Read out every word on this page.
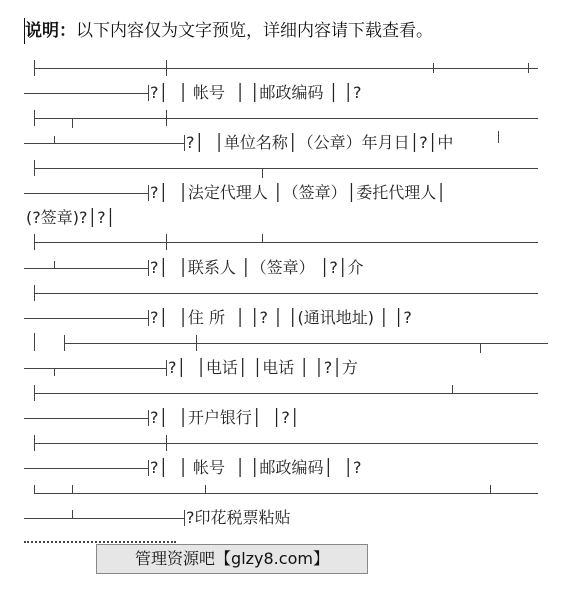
说明：以下内容仅为文字预览，详细内容请下载查看。
?│  │ 帐号  │ │邮政编码 │ │?
?│  │单位名称│（公章）年月日│?│中
?│  │法定代理人 │（签章）│委托代理人│
(?签章)?│?│
?│  │联系人 │（签章） │?│介
?│  │住 所  │ │? │ │(通讯地址) │ │?
?│  │电话│ │电话 │ │?│方
?│  │开户银行│  │?│
?│  │ 帐号  │ │邮政编码│  │?
?印花税票粘贴
管理资源吧【glzy8.com】
